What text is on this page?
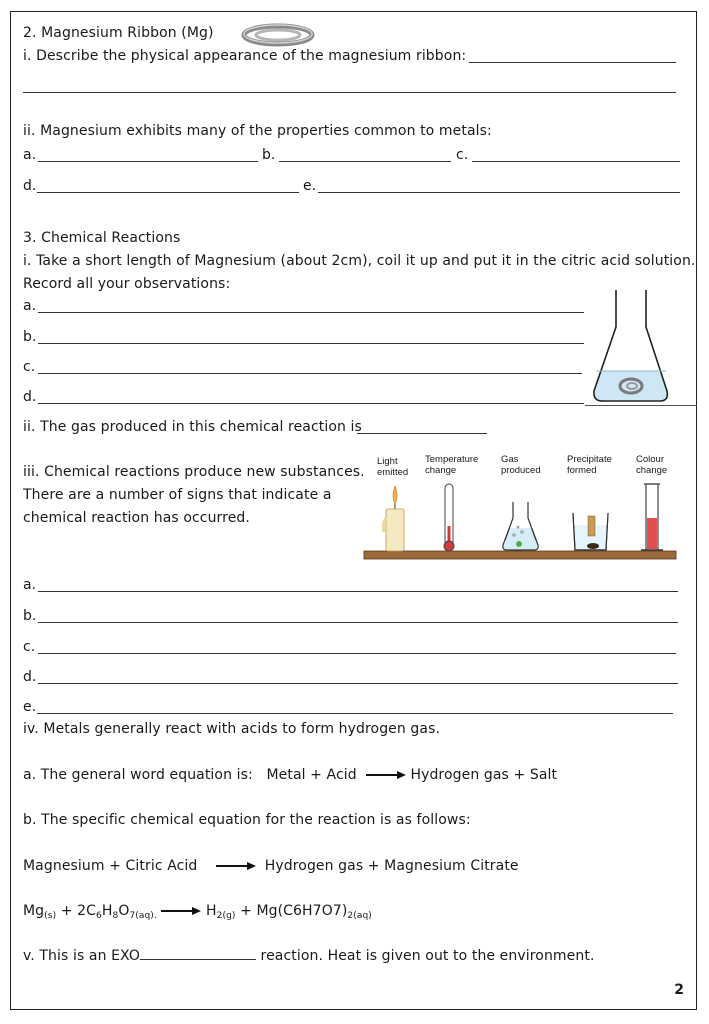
2. Magnesium Ribbon (Mg)
i. Describe the physical appearance of the magnesium ribbon:
ii. Magnesium exhibits many of the properties common to metals:
a.	b.	c.
d.	e.
3. Chemical Reactions
i. Take a short length of Magnesium (about 2cm), coil it up and put it in the citric acid solution.
Record all your observations:
a.
b.
c.
d.
ii. The gas produced in this chemical reaction is
iii. Chemical reactions produce new substances.
There are a number of signs that indicate a
chemical reaction has occurred.
Light
emitted
Temperature
change
Gas
produced
Precipitate
formed
Colour
change
a.
b.
c.
d.
e.
iv. Metals generally react with acids to form hydrogen gas.
a. The general word equation is: Metal + Acid → Hydrogen gas + Salt
b. The specific chemical equation for the reaction is as follows:
Magnesium + Citric Acid → Hydrogen gas + Magnesium Citrate
$Mg_{(s)} + 2C_6H_8O_{7(aq).} \to H_{2(g)} + Mg(C6H7O7)_{2(aq)}$
v. This is an EXO	reaction. Heat is given out to the environment.
2
